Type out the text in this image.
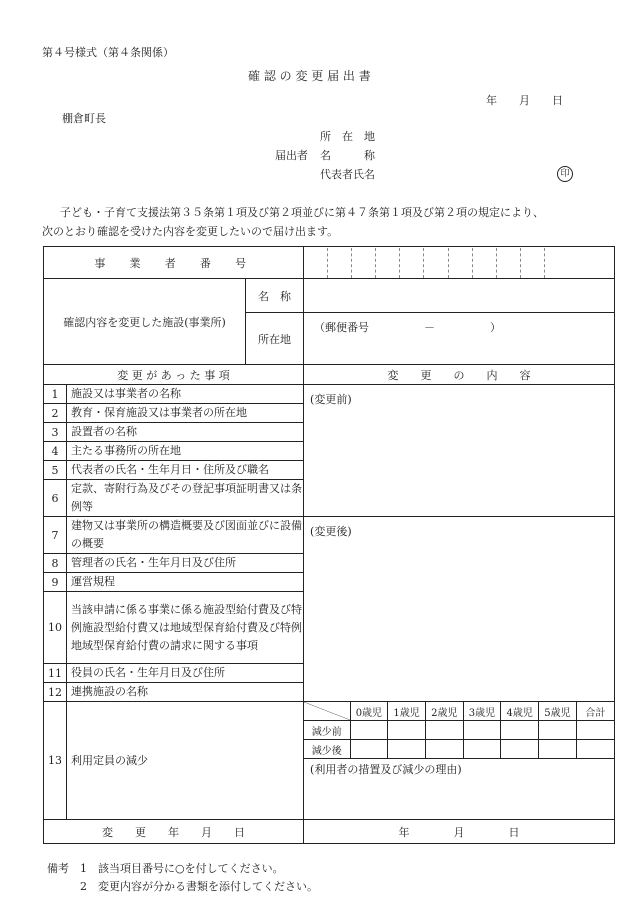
第４号様式（第４条関係）
確 認 の 変 更 届 出 書
年　　月　　日
棚倉町長
所　在　地
届出者 名　　　称
代表者氏名	印
子ども・子育て支援法第３５条第１項及び第２項並びに第４７条第１項及び第２項の規定により、
次のとおり確認を受けた内容を変更したいので届け出ます。
事　業　者　番　号	

確認内容を変更した施設(事業所)	名　称	
所在地	（郵便番号　　　　　－　　　　　）
変 更 が あ っ た 事 項	変　　更　　の　　内　　容
1	施設又は事業者の名称	(変更前)
2	教育・保育施設又は事業者の所在地
3	設置者の名称
4	主たる事務所の所在地
5	代表者の氏名・生年月日・住所及び職名
6	定款、寄附行為及びその登記事項証明書又は条例等
7	建物又は事業所の構造概要及び図面並びに設備の概要	(変更後)
8	管理者の氏名・生年月日及び住所
9	運営規程
10	当該申請に係る事業に係る施設型給付費及び特例施設型給付費又は地域型保育給付費及び特例地域型保育給付費の請求に関する事項
11	役員の氏名・生年月日及び住所
12	連携施設の名称
13	利用定員の減少	
	0歳児	1歳児	2歳児	3歳児	4歳児	5歳児	合計
減少前							
減少後							
(利用者の措置及び減少の理由)

変　　更　　年　　月　　日	年　　　　月　　　　日
備考 1　該当項目番号に○を付してください。
2　変更内容が分かる書類を添付してください。
